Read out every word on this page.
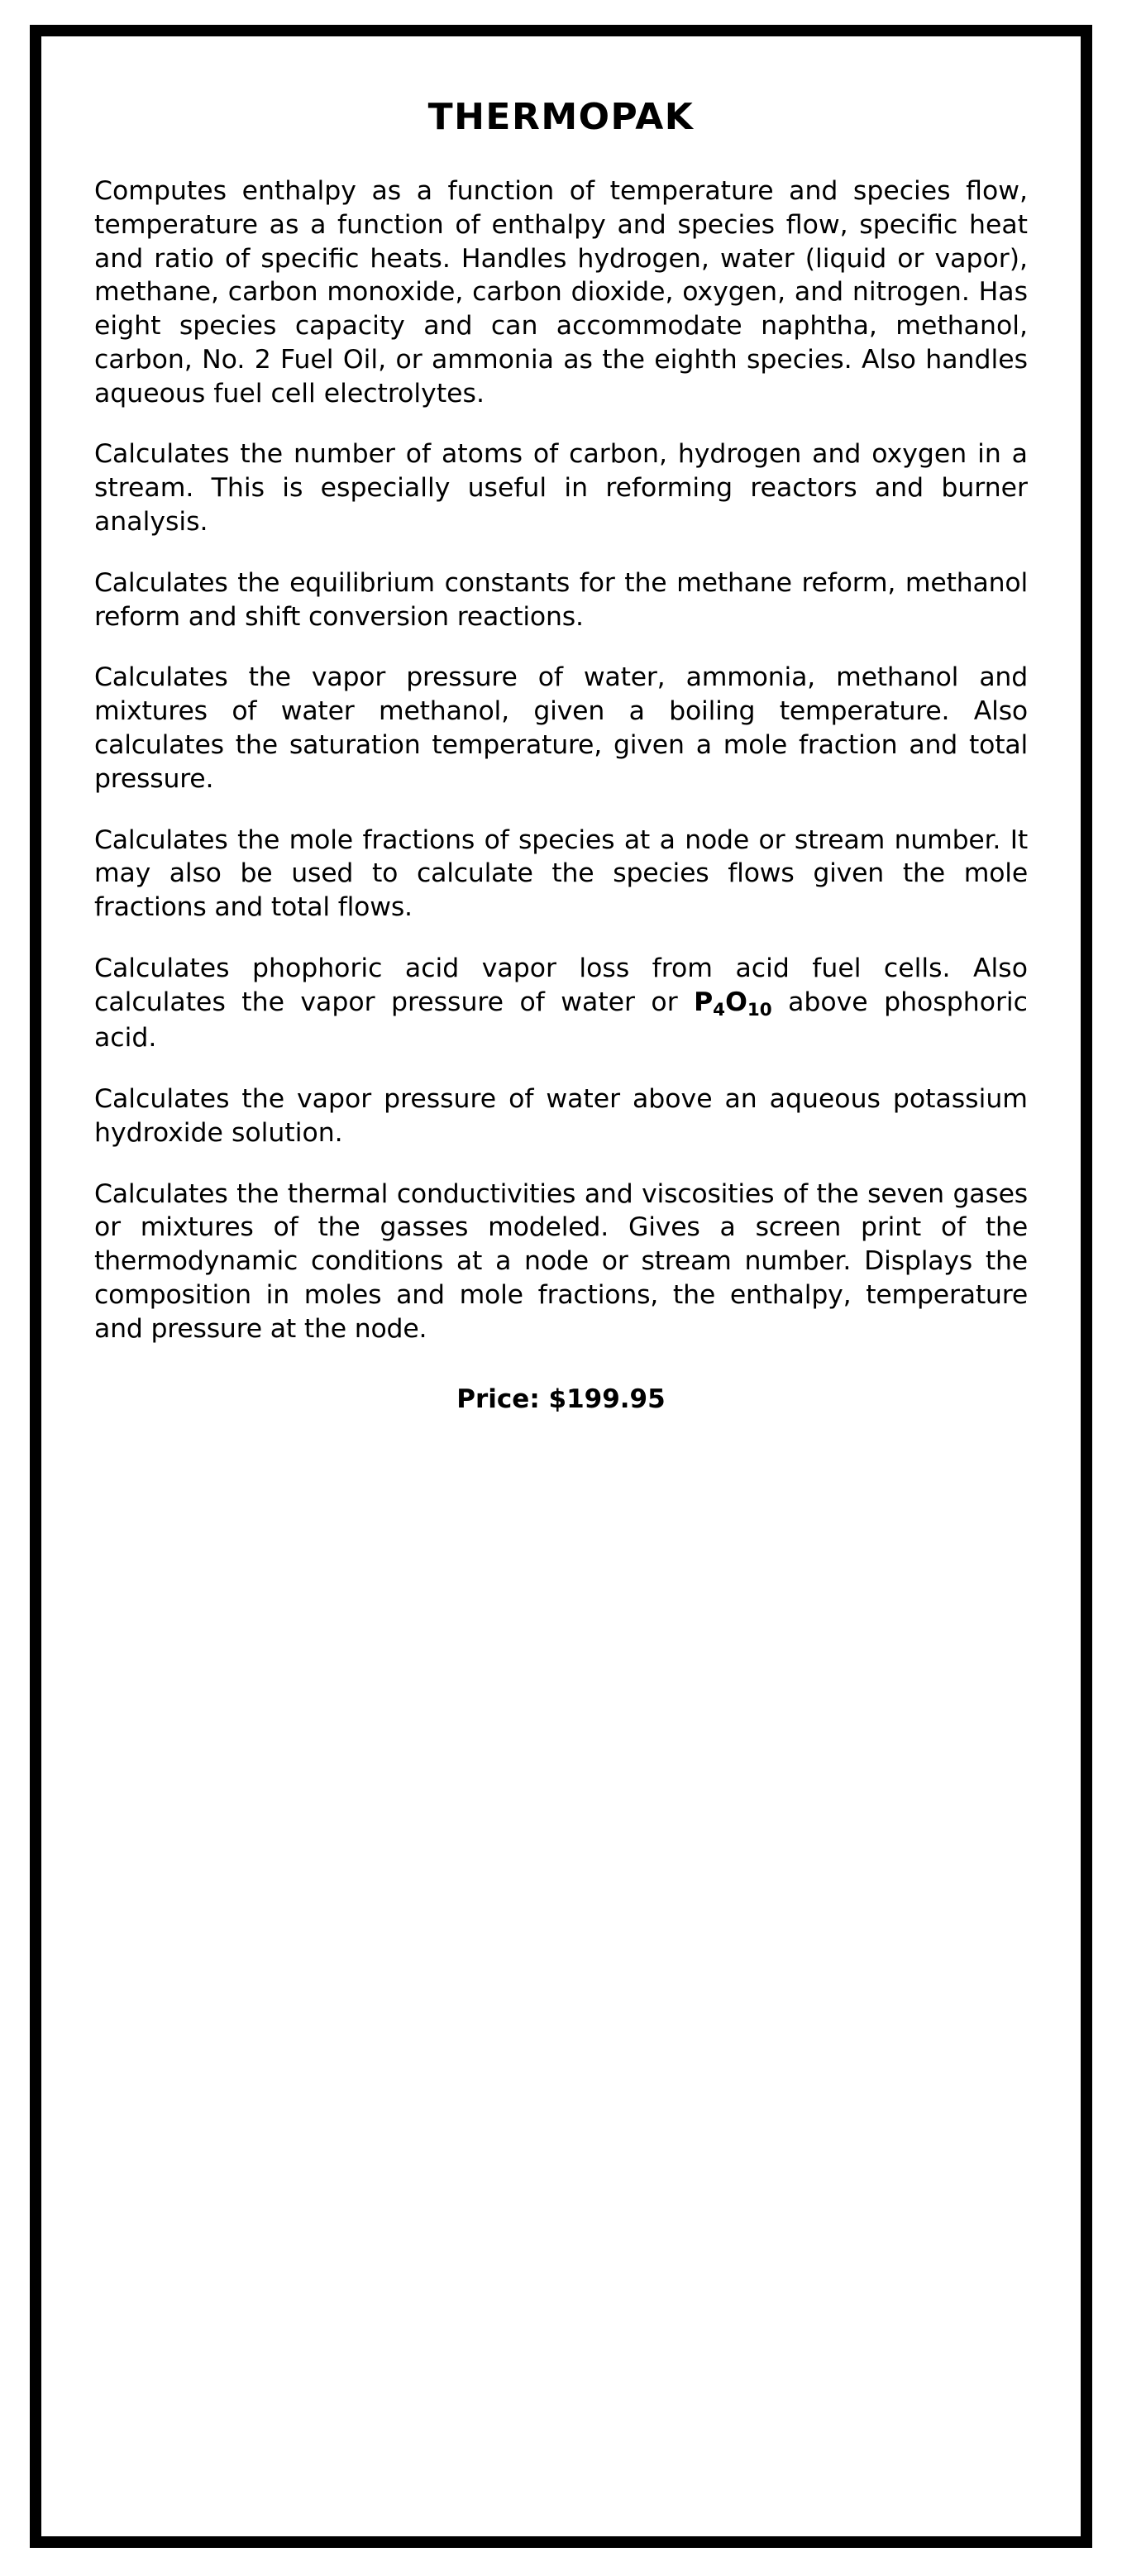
THERMOPAK

Computes enthalpy as a function of temperature and species flow, temperature as a function of enthalpy and species flow, specific heat and ratio of specific heats. Handles hydrogen, water (liquid or vapor), methane, carbon monoxide, carbon dioxide, oxygen, and nitrogen. Has eight species capacity and can accommodate naphtha, methanol, carbon, No. 2 Fuel Oil, or ammonia as the eighth species. Also handles aqueous fuel cell electrolytes.

Calculates the number of atoms of carbon, hydrogen and oxygen in a stream. This is especially useful in reforming reactors and burner analysis.

Calculates the equilibrium constants for the methane reform, methanol reform and shift conversion reactions.

Calculates the vapor pressure of water, ammonia, methanol and mixtures of water methanol, given a boiling temperature. Also calculates the saturation temperature, given a mole fraction and total pressure.

Calculates the mole fractions of species at a node or stream number. It may also be used to calculate the species flows given the mole fractions and total flows.

Calculates phophoric acid vapor loss from acid fuel cells. Also calculates the vapor pressure of water or $P_4O_{10}$ above phosphoric acid.

Calculates the vapor pressure of water above an aqueous potassium hydroxide solution.

Calculates the thermal conductivities and viscosities of the seven gases or mixtures of the gasses modeled. Gives a screen print of the thermodynamic conditions at a node or stream number. Displays the composition in moles and mole fractions, the enthalpy, temperature and pressure at the node.

Price: $199.95
